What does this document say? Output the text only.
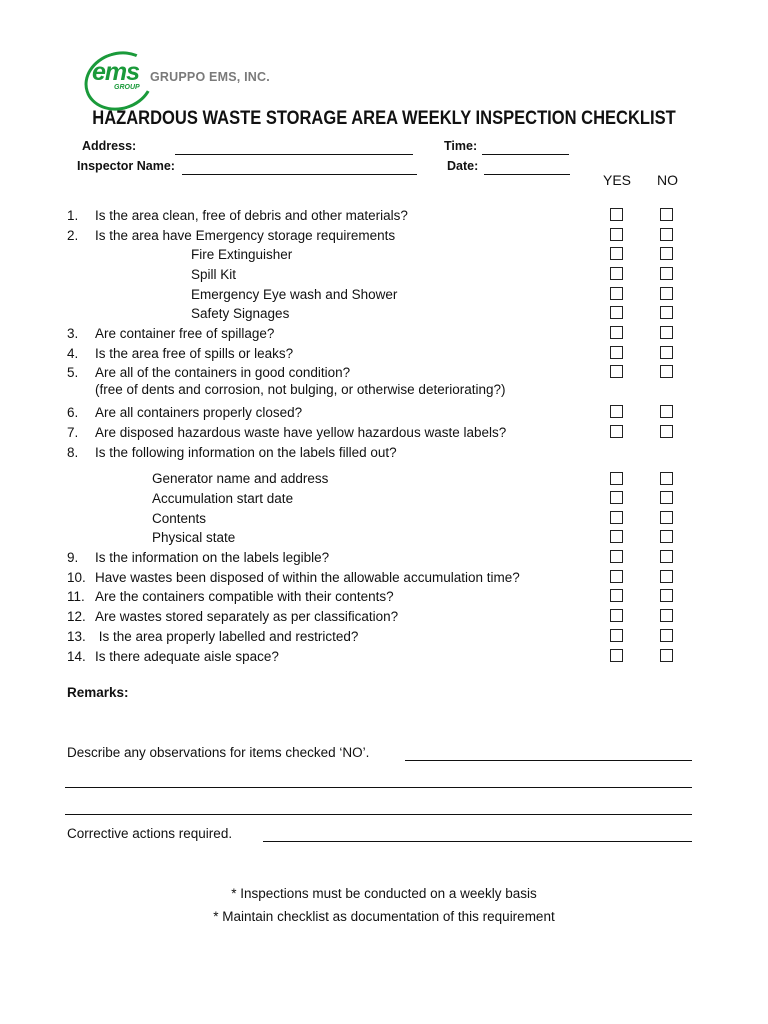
ems
GROUP
GRUPPO EMS, INC.
HAZARDOUS WASTE STORAGE AREA WEEKLY INSPECTION CHECKLIST
Address:	Time:
Inspector Name:	Date:
YES NO
1.	Is the area clean, free of debris and other materials?
2.	Is the area have Emergency storage requirements
Fire Extinguisher
Spill Kit
Emergency Eye wash and Shower
Safety Signages
3.	Are container free of spillage?
4.	Is the area free of spills or leaks?
5.	Are all of the containers in good condition?
(free of dents and corrosion, not bulging, or otherwise deteriorating?)
6.	Are all containers properly closed?
7.	Are disposed hazardous waste have yellow hazardous waste labels?
8.	Is the following information on the labels filled out?
Generator name and address
Accumulation start date
Contents
Physical state
9.	Is the information on the labels legible?
10. Have wastes been disposed of within the allowable accumulation time?
11. Are the containers compatible with their contents?
12. Are wastes stored separately as per classification?
13. Is the area properly labelled and restricted?
14. Is there adequate aisle space?
Remarks:
Describe any observations for items checked ‘NO’.
Corrective actions required.
* Inspections must be conducted on a weekly basis
* Maintain checklist as documentation of this requirement
